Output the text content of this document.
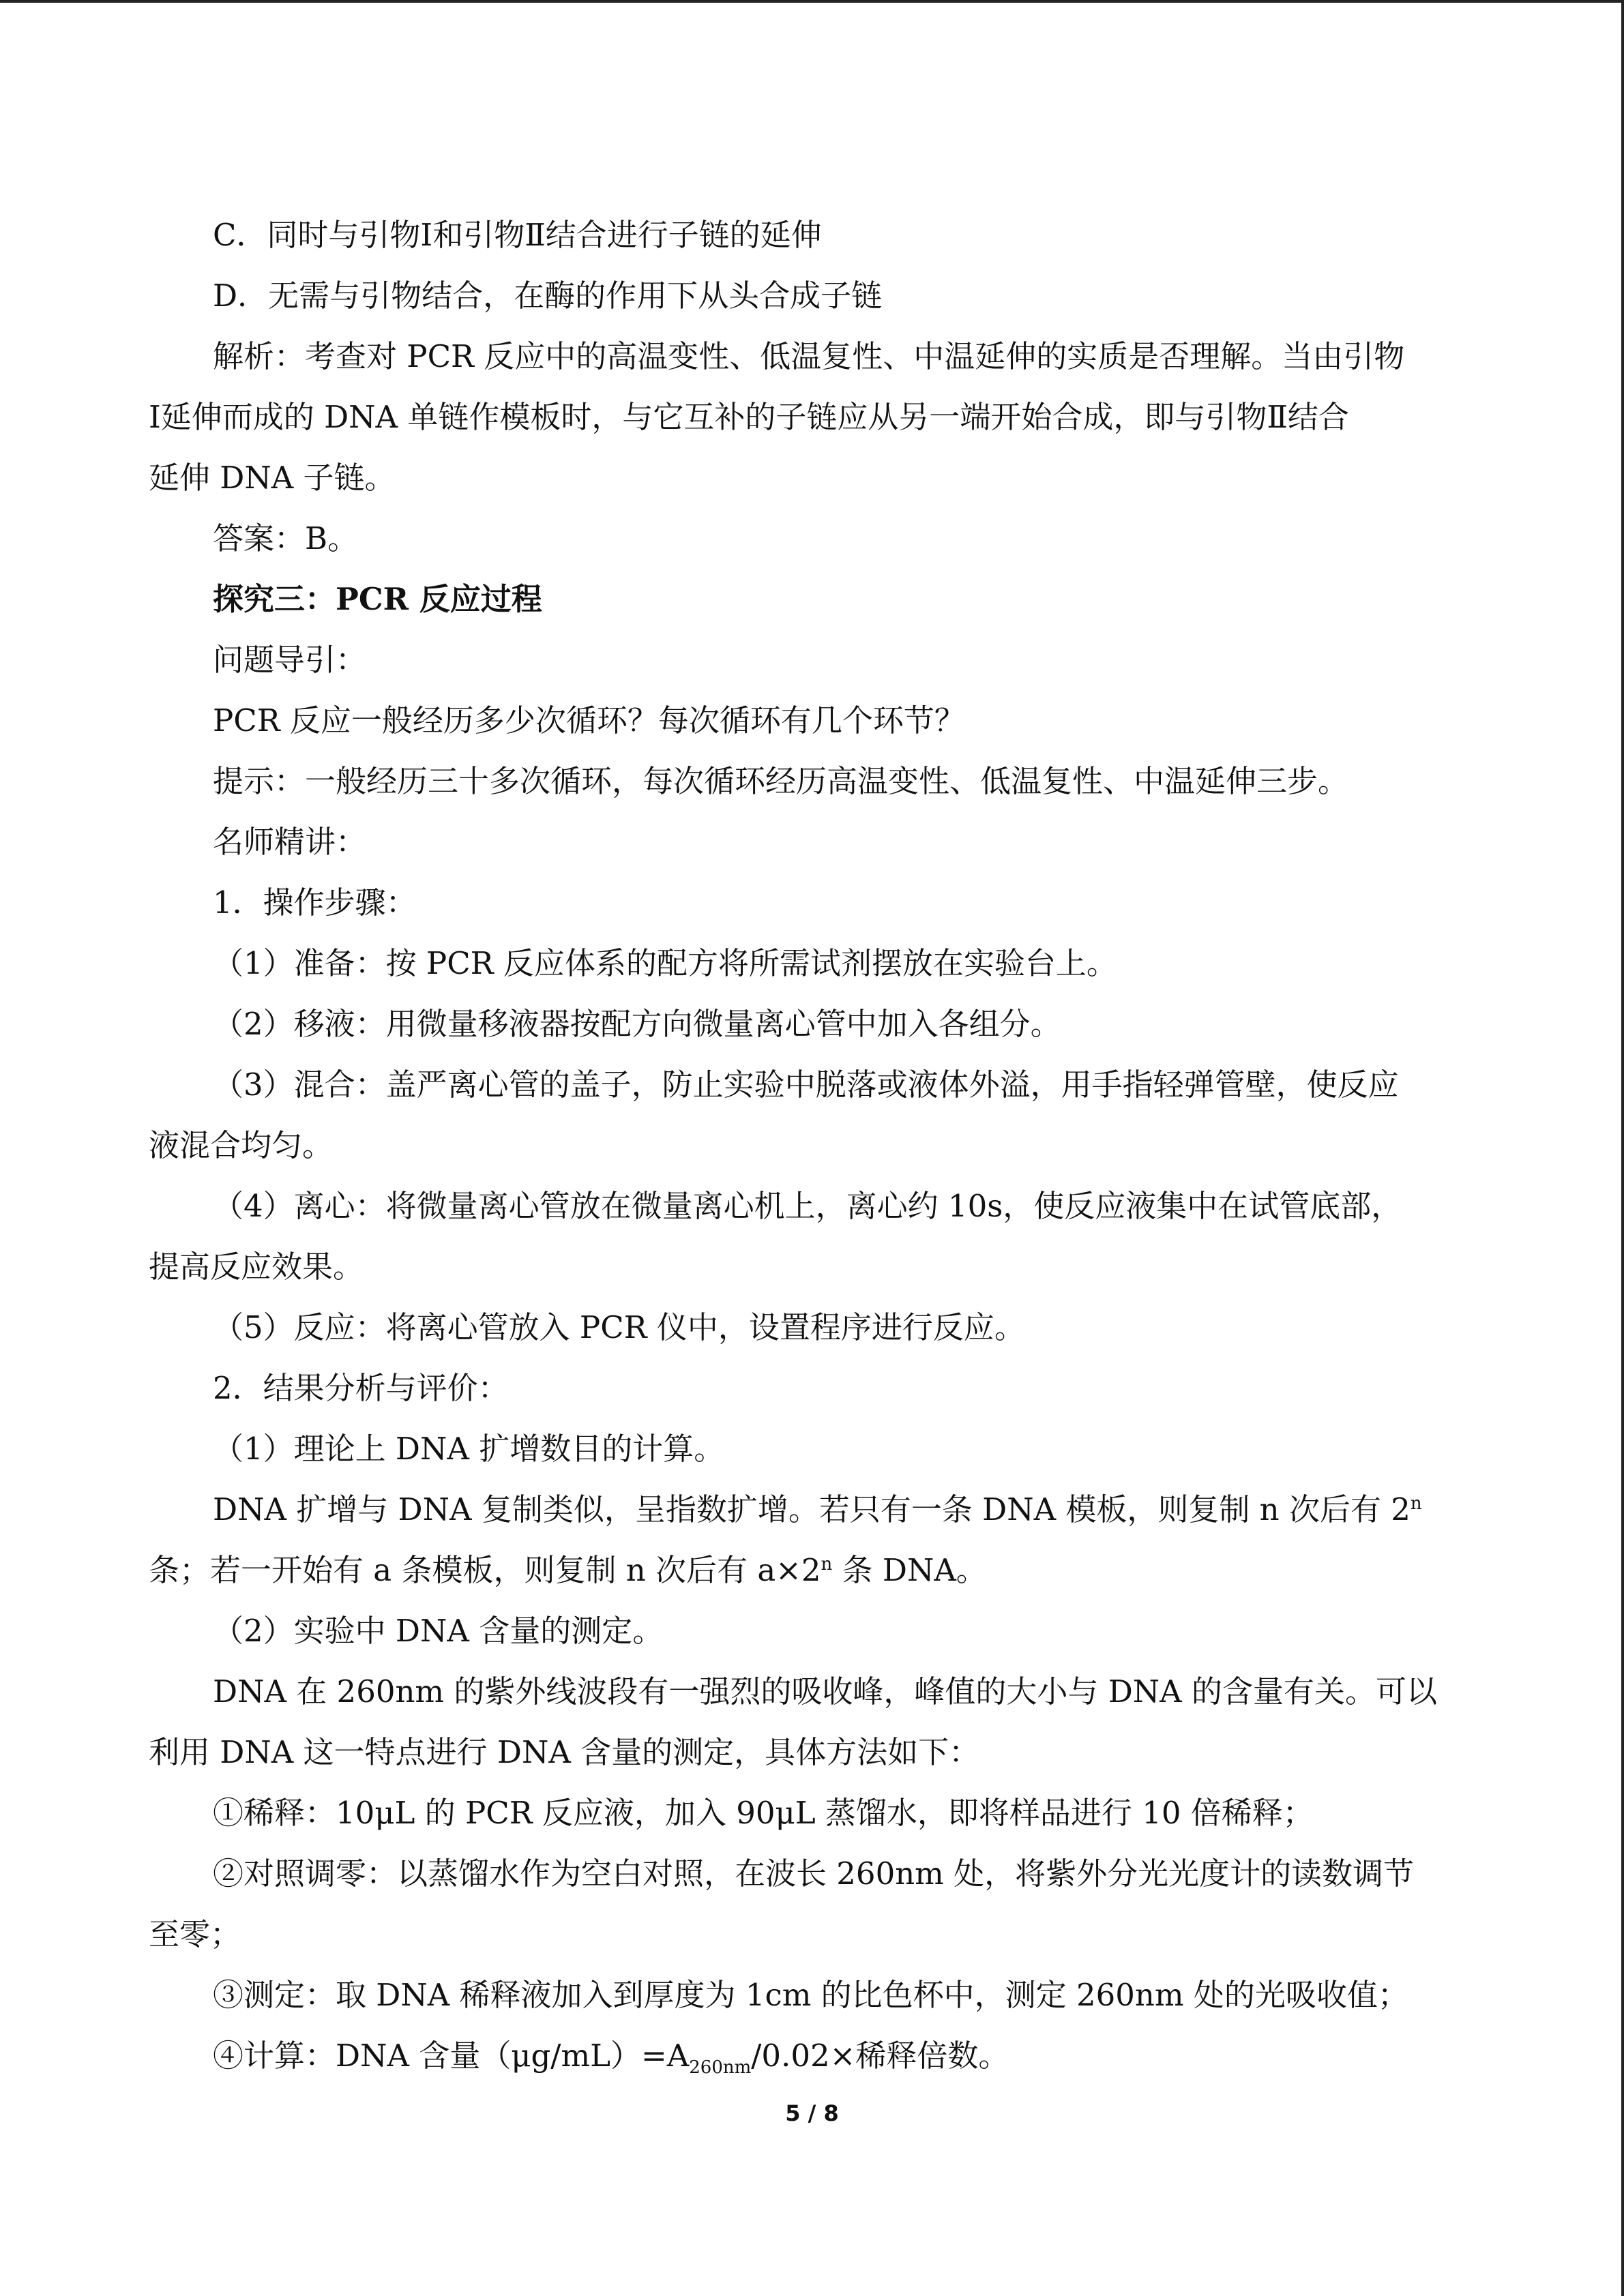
C．同时与引物Ⅰ和引物Ⅱ结合进行子链的延伸
D．无需与引物结合，在酶的作用下从头合成子链
解析：考查对 PCR 反应中的高温变性、低温复性、中温延伸的实质是否理解。当由引物
Ⅰ延伸而成的 DNA 单链作模板时，与它互补的子链应从另一端开始合成，即与引物Ⅱ结合
延伸 DNA 子链。
答案：B。
探究三：PCR 反应过程
问题导引：
PCR 反应一般经历多少次循环？每次循环有几个环节？
提示：一般经历三十多次循环，每次循环经历高温变性、低温复性、中温延伸三步。
名师精讲：
1．操作步骤：
（1）准备：按 PCR 反应体系的配方将所需试剂摆放在实验台上。
（2）移液：用微量移液器按配方向微量离心管中加入各组分。
（3）混合：盖严离心管的盖子，防止实验中脱落或液体外溢，用手指轻弹管壁，使反应
液混合均匀。
（4）离心：将微量离心管放在微量离心机上，离心约 10s，使反应液集中在试管底部，
提高反应效果。
（5）反应：将离心管放入 PCR 仪中，设置程序进行反应。
2．结果分析与评价：
（1）理论上 DNA 扩增数目的计算。
DNA 扩增与 DNA 复制类似，呈指数扩增。若只有一条 DNA 模板，则复制 n 次后有 2$^n$
条；若一开始有 a 条模板，则复制 n 次后有 $a\times 2^n$ 条 DNA。
（2）实验中 DNA 含量的测定。
DNA 在 260nm 的紫外线波段有一强烈的吸收峰，峰值的大小与 DNA 的含量有关。可以
利用 DNA 这一特点进行 DNA 含量的测定，具体方法如下：
①稀释：10μL 的 PCR 反应液，加入 90μL 蒸馏水，即将样品进行 10 倍稀释；
②对照调零：以蒸馏水作为空白对照，在波长 260nm 处，将紫外分光光度计的读数调节
至零；
③测定：取 DNA 稀释液加入到厚度为 1cm 的比色杯中，测定 260nm 处的光吸收值；
④计算：DNA 含量$(\mu g/mL)=A_{260nm}/0.02\times$稀释倍数。
5 / 8
